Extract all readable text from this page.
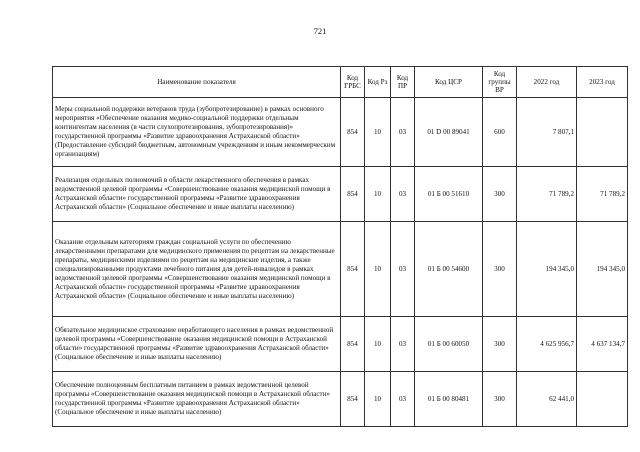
721
Наименование показателя	Код ГРБС	Код Рз	Код ПР	Код ЦСР	Код группы ВР	2022 год	2023 год
Меры социальной поддержки ветеранов труда (зубопротезирование) в рамках основного мероприятия «Обеспечение оказания медико-социальной поддержки отдельным контингентам населения (в части слухопротезирования, зубопротезирования)» государственной программы «Развитие здравоохранения Астраханской области» (Предоставление субсидий бюджетным, автономным учреждениям и иным некоммерческим организациям)	854	10	03	01 D 00 89041	600	7 807,1	
Реализация отдельных полномочий в области лекарственного обеспечения в рамках ведомственной целевой программы «Совершенствование оказания медицинской помощи в Астраханской области» государственной программы «Развитие здравоохранения Астраханской области» (Социальное обеспечение и иные выплаты населению)	854	10	03	01 Б 00 51610	300	71 789,2	71 789,2
Оказание отдельным категориям граждан социальной услуги по обеспечению лекарственными препаратами для медицинского применения по рецептам на лекарственные препараты, медицинскими изделиями по рецептам на медицинские изделия, а также специализированными продуктами лечебного питания для детей-инвалидов в рамках ведомственной целевой программы «Совершенствование оказания медицинской помощи в Астраханской области» государственной программы «Развитие здравоохранения Астраханской области» (Социальное обеспечение и иные выплаты населению)	854	10	03	01 Б 00 54600	300	194 345,0	194 345,0
Обязательное медицинское страхование неработающего населения в рамках ведомственной целевой программы «Совершенствование оказания медицинской помощи в Астраханской области» государственной программы «Развитие здравоохранения Астраханской области» (Социальное обеспечение и иные выплаты населению)	854	10	03	01 Б 00 60050	300	4 625 956,7	4 637 134,7
Обеспечение полноценным бесплатным питанием в рамках ведомственной целевой программы «Совершенствование оказания медицинской помощи в Астраханской области» государственной программы «Развитие здравоохранения Астраханской области» (Социальное обеспечение и иные выплаты населению)	854	10	03	01 Б 00 80481	300	62 441,0	
